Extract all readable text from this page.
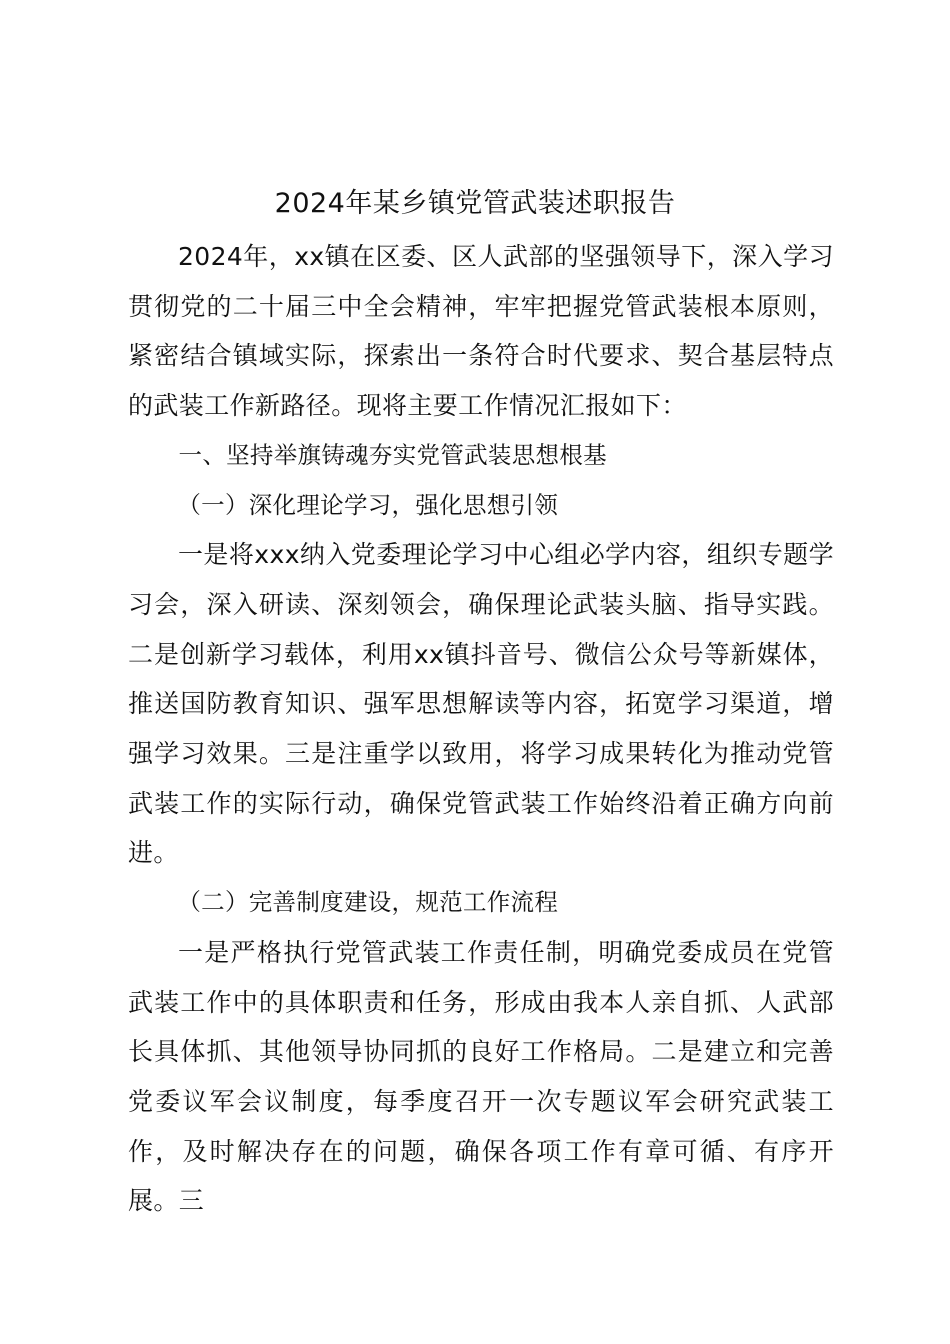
2024年某乡镇党管武装述职报告

2024年，xx镇在区委、区人武部的坚强领导下，深入学习贯彻党的二十届三中全会精神，牢牢把握党管武装根本原则，紧密结合镇域实际，探索出一条符合时代要求、契合基层特点的武装工作新路径。现将主要工作情况汇报如下：

一、坚持举旗铸魂夯实党管武装思想根基

（一）深化理论学习，强化思想引领

一是将xxx纳入党委理论学习中心组必学内容，组织专题学习会，深入研读、深刻领会，确保理论武装头脑、指导实践。二是创新学习载体，利用xx镇抖音号、微信公众号等新媒体，推送国防教育知识、强军思想解读等内容，拓宽学习渠道，增强学习效果。三是注重学以致用，将学习成果转化为推动党管武装工作的实际行动，确保党管武装工作始终沿着正确方向前进。

（二）完善制度建设，规范工作流程

一是严格执行党管武装工作责任制，明确党委成员在党管武装工作中的具体职责和任务，形成由我本人亲自抓、人武部长具体抓、其他领导协同抓的良好工作格局。二是建立和完善党委议军会议制度，每季度召开一次专题议军会研究武装工作，及时解决存在的问题，确保各项工作有章可循、有序开展。三
